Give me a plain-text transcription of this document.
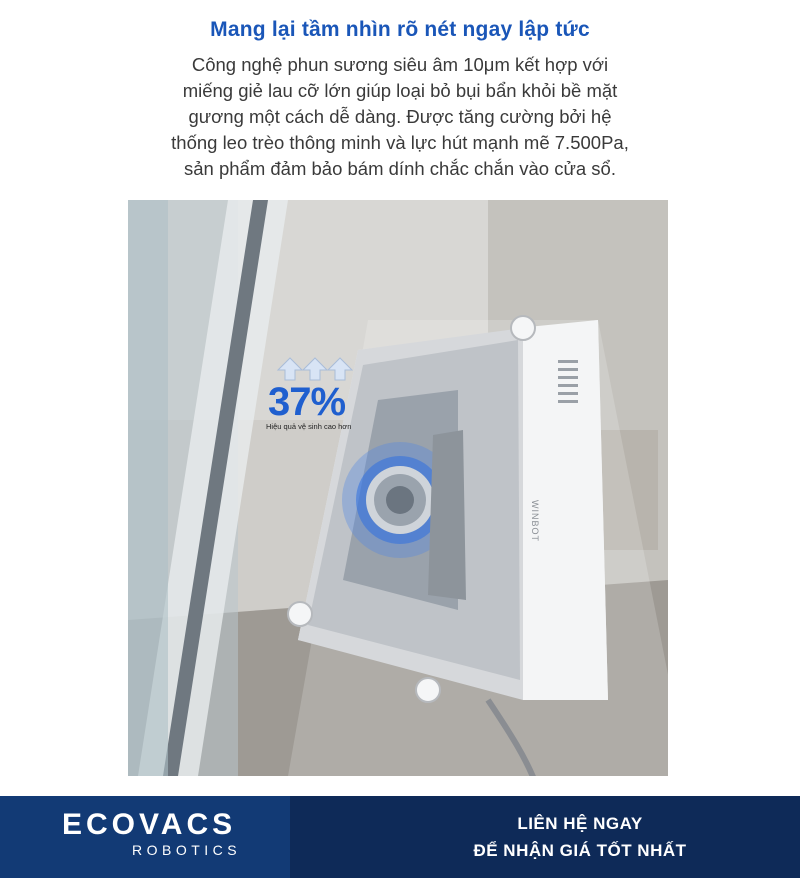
Mang lại tầm nhìn rõ nét ngay lập tức
Công nghệ phun sương siêu âm 10μm kết hợp với
miếng giẻ lau cỡ lớn giúp loại bỏ bụi bẩn khỏi bề mặt
gương một cách dễ dàng. Được tăng cường bởi hệ
thống leo trèo thông minh và lực hút mạnh mẽ 7.500Pa,
sản phẩm đảm bảo bám dính chắc chắn vào cửa sổ.
WINBOT
37%
Hiệu quả vệ sinh cao hơn
ECOVACS
ROBOTICS
LIÊN HỆ NGAY
ĐỂ NHẬN GIÁ TỐT NHẤT
